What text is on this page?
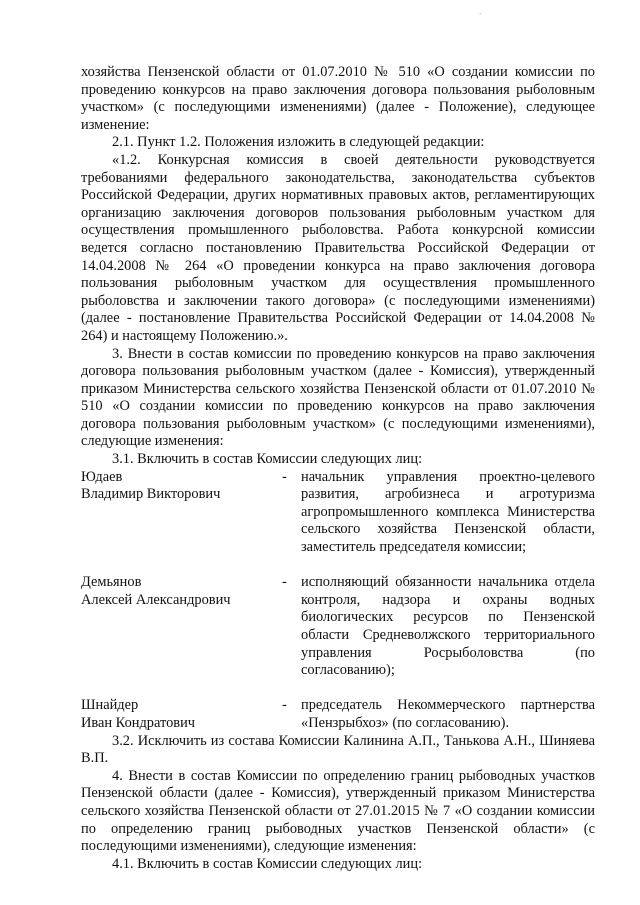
-

хозяйства Пензенской области от 01.07.2010 № 510 «О создании комиссии по проведению конкурсов на право заключения договора пользования рыболовным участком» (с последующими изменениями) (далее - Положение), следующее изменение:

2.1. Пункт 1.2. Положения изложить в следующей редакции:

«1.2. Конкурсная комиссия в своей деятельности руководствуется требованиями федерального законодательства, законодательства субъектов Российской Федерации, других нормативных правовых актов, регламентирующих организацию заключения договоров пользования рыболовным участком для осуществления промышленного рыболовства. Работа конкурсной комиссии ведется согласно постановлению Правительства Российской Федерации от 14.04.2008 № 264 «О проведении конкурса на право заключения договора пользования рыболовным участком для осуществления промышленного рыболовства и заключении такого договора» (с последующими изменениями) (далее - постановление Правительства Российской Федерации от 14.04.2008 № 264) и настоящему Положению.».

3. Внести в состав комиссии по проведению конкурсов на право заключения договора пользования рыболовным участком (далее - Комиссия), утвержденный приказом Министерства сельского хозяйства Пензенской области от 01.07.2010 № 510 «О создании комиссии по проведению конкурсов на право заключения договора пользования рыболовным участком» (с последующими изменениями), следующие изменения:

3.1. Включить в состав Комиссии следующих лиц:

Юдаев
Владимир Викторович
- начальник управления проектно-целевого развития, агробизнеса и агротуризма агропромышленного комплекса Министерства сельского хозяйства Пензенской области, заместитель председателя комиссии;
Демьянов
Алексей Александрович
- исполняющий обязанности начальника отдела контроля, надзора и охраны водных биологических ресурсов по Пензенской области Средневолжского территориального управления Росрыболовства (по согласованию);
Шнайдер
Иван Кондратович
- председатель Некоммерческого партнерства «Пензрыбхоз» (по согласованию).

3.2. Исключить из состава Комиссии Калинина А.П., Танькова А.Н., Шиняева В.П.

4. Внести в состав Комиссии по определению границ рыбоводных участков Пензенской области (далее - Комиссия), утвержденный приказом Министерства сельского хозяйства Пензенской области от 27.01.2015 № 7 «О создании комиссии по определению границ рыбоводных участков Пензенской области» (с последующими изменениями), следующие изменения:

4.1. Включить в состав Комиссии следующих лиц:
